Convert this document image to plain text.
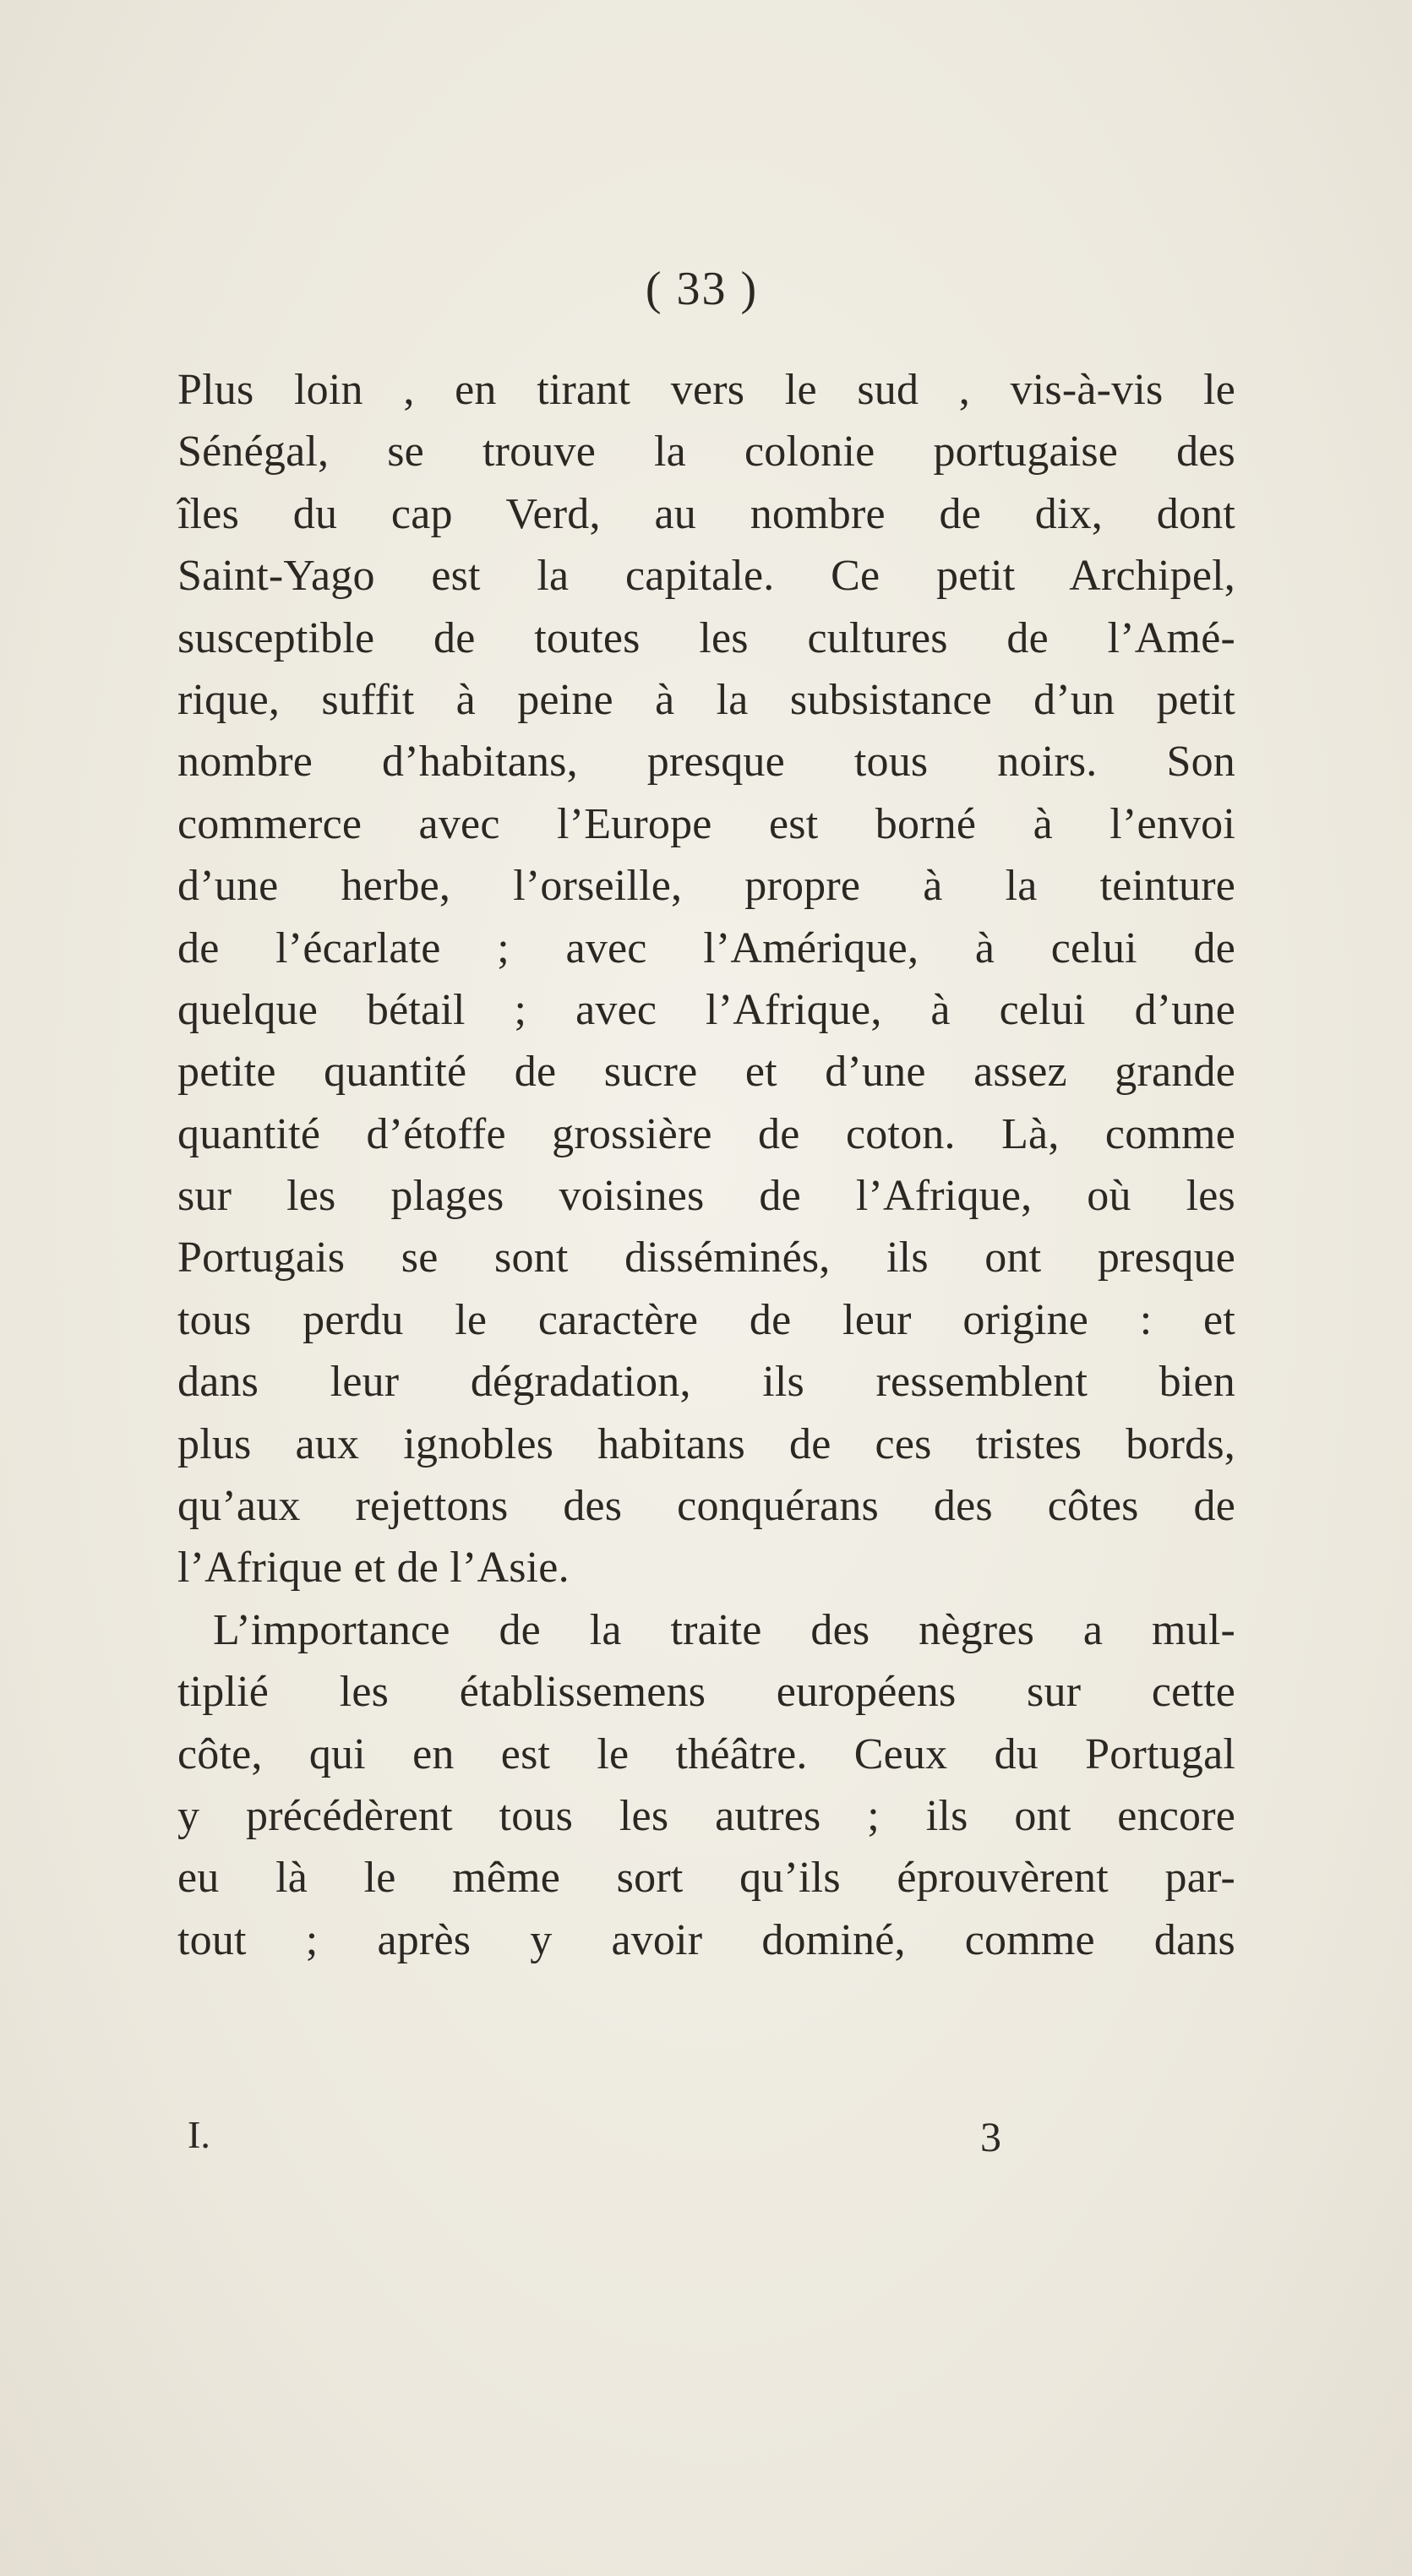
( 33 )
Plus loin , en tirant vers le sud , vis-à-vis le
Sénégal, se trouve la colonie portugaise des
îles du cap Verd, au nombre de dix, dont
Saint-Yago est la capitale. Ce petit Archipel,
susceptible de toutes les cultures de l’Amé-
rique, suffit à peine à la subsistance d’un petit
nombre d’habitans, presque tous noirs. Son
commerce avec l’Europe est borné à l’envoi
d’une herbe, l’orseille, propre à la teinture
de l’écarlate ; avec l’Amérique, à celui de
quelque bétail ; avec l’Afrique, à celui d’une
petite quantité de sucre et d’une assez grande
quantité d’étoffe grossière de coton. Là, comme
sur les plages voisines de l’Afrique, où les
Portugais se sont disséminés, ils ont presque
tous perdu le caractère de leur origine : et
dans leur dégradation, ils ressemblent bien
plus aux ignobles habitans de ces tristes bords,
qu’aux rejettons des conquérans des côtes de
l’Afrique et de l’Asie.
L’importance de la traite des nègres a mul-
tiplié les établissemens européens sur cette
côte, qui en est le théâtre. Ceux du Portugal
y précédèrent tous les autres ; ils ont encore
eu là le même sort qu’ils éprouvèrent par-
tout ; après y avoir dominé, comme dans
I.	3
